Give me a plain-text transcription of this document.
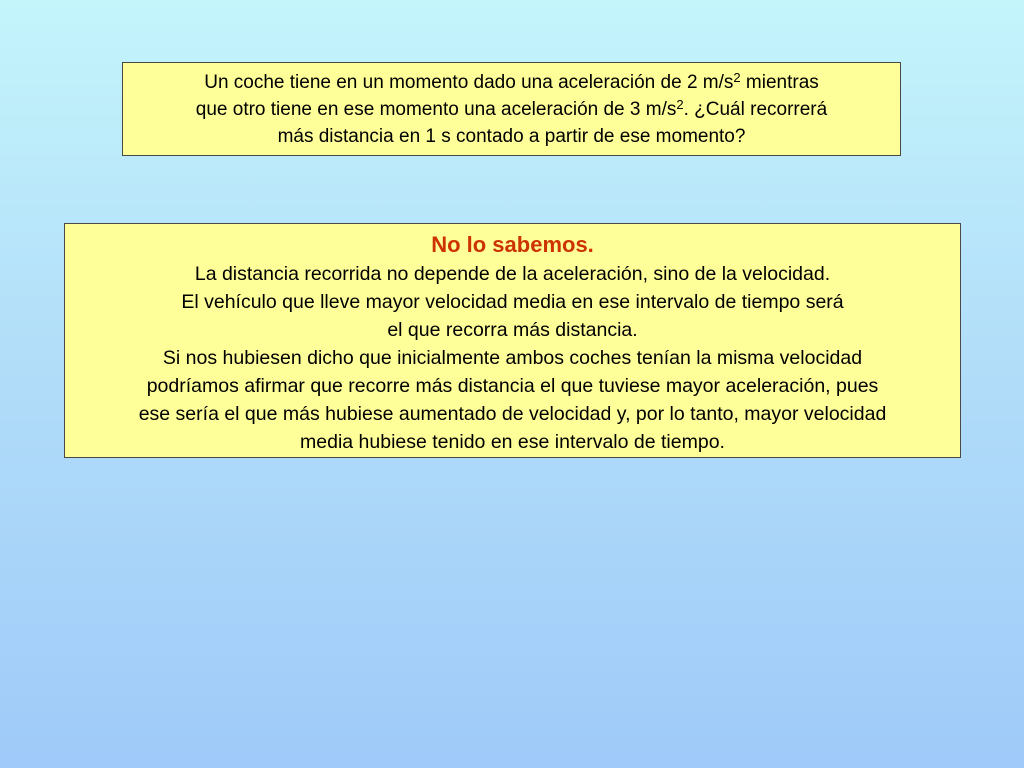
Un coche tiene en un momento dado una aceleración de 2 $m/s^2$ mientras
que otro tiene en ese momento una aceleración de 3 $m/s^2$. ¿Cuál recorrerá
más distancia en 1 s contado a partir de ese momento?
No lo sabemos.
La distancia recorrida no depende de la aceleración, sino de la velocidad.
El vehículo que lleve mayor velocidad media en ese intervalo de tiempo será
el que recorra más distancia.
Si nos hubiesen dicho que inicialmente ambos coches tenían la misma velocidad
podríamos afirmar que recorre más distancia el que tuviese mayor aceleración, pues
ese sería el que más hubiese aumentado de velocidad y, por lo tanto, mayor velocidad
media hubiese tenido en ese intervalo de tiempo.
